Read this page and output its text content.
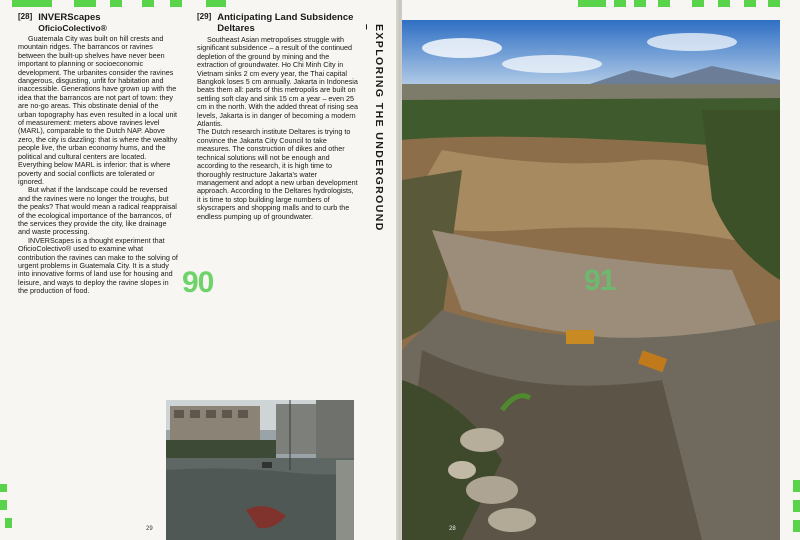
[28] INVERScapes
OficioColectivo®

Guatemala City was built on hill crests and mountain ridges. The barrancos or ravines between the built-up shelves have never been important to planning or socioeconomic development. The urbanites consider the ravines dangerous, disgusting, unfit for habitation and inaccessible. Generations have grown up with the idea that the barrancos are not part of town: they are no-go areas. This obstinate denial of the urban topography has even resulted in a local unit of measurement: meters above ravines level (MARL), comparable to the Dutch NAP. Above zero, the city is dazzling: that is where the wealthy people live, the urban economy hums, and the political and cultural centers are located. Everything below MARL is inferior: that is where poverty and social conflicts are tolerated or ignored.

But what if the landscape could be reversed and the ravines were no longer the troughs, but the peaks? That would mean a radical reappraisal of the ecological importance of the barrancos, of the services they provide the city, like drainage and waste processing.

INVERScapes is a thought experiment that OficioColectivo® used to examine what contribution the ravines can make to the solving of urgent problems in Guatemala City. It is a study into innovative forms of land use for housing and leisure, and ways to deploy the ravine slopes in the production of food.

[29] Anticipating Land Subsidence Deltares

Southeast Asian metropolises struggle with significant subsidence – a result of the continued depletion of the ground by mining and the extraction of groundwater. Ho Chi Minh City in Vietnam sinks 2 cm every year, the Thai capital Bangkok loses 5 cm annually. Jakarta in Indonesia beats them all: parts of this metropolis are built on settling soft clay and sink 15 cm a year – even 25 cm in the north. With the added threat of rising sea levels, Jakarta is in danger of becoming a modern Atlantis.

The Dutch research institute Deltares is trying to convince the Jakarta City Council to take measures. The construction of dikes and other technical solutions will not be enough and according to the research, it is high time to thoroughly restructure Jakarta's water management and adopt a new urban development approach. According to the Deltares hydrologists, it is time to stop building large numbers of skyscrapers and shopping malls and to curb the endless pumping up of groundwater.

90
EXPLORING THE UNDERGROUND –
29
91
28
